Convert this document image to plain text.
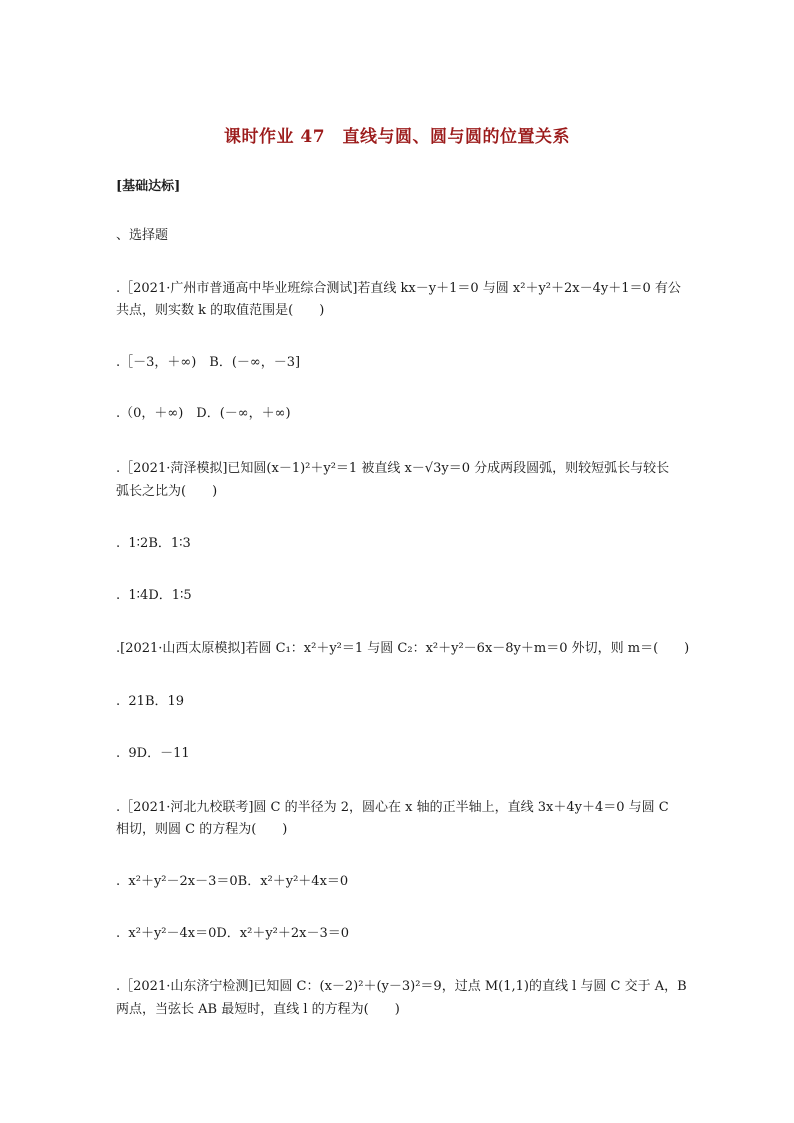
课时作业 47　直线与圆、圆与圆的位置关系
[基础达标]
、选择题
.［2021·广州市普通高中毕业班综合测试]若直线 kx－y＋1＝0 与圆 x²＋y²＋2x－4y＋1＝0 有公
共点，则实数 k 的取值范围是(　　)
.［－3，＋∞)　B．(－∞，－3]
.（0，＋∞)　D．(－∞，＋∞)
.［2021·菏泽模拟]已知圆(x－1)²＋y²＝1 被直线 x－√3y＝0 分成两段圆弧，则较短弧长与较长
弧长之比为(　　)
.  1∶2B．1∶3
.  1∶4D．1∶5
.[2021·山西太原模拟]若圆 C₁：x²＋y²＝1 与圆 C₂：x²＋y²－6x－8y＋m＝0 外切，则 m＝(　　)
.  21B．19
.  9D．－11
.［2021·河北九校联考]圆 C 的半径为 2，圆心在 x 轴的正半轴上，直线 3x＋4y＋4＝0 与圆 C
相切，则圆 C 的方程为(　　)
.  x²＋y²－2x－3＝0B．x²＋y²＋4x＝0
.  x²＋y²－4x＝0D．x²＋y²＋2x－3＝0
.［2021·山东济宁检测]已知圆 C：(x－2)²＋(y－3)²＝9，过点 M(1,1)的直线 l 与圆 C 交于 A，B
两点，当弦长 AB 最短时，直线 l 的方程为(　　)
